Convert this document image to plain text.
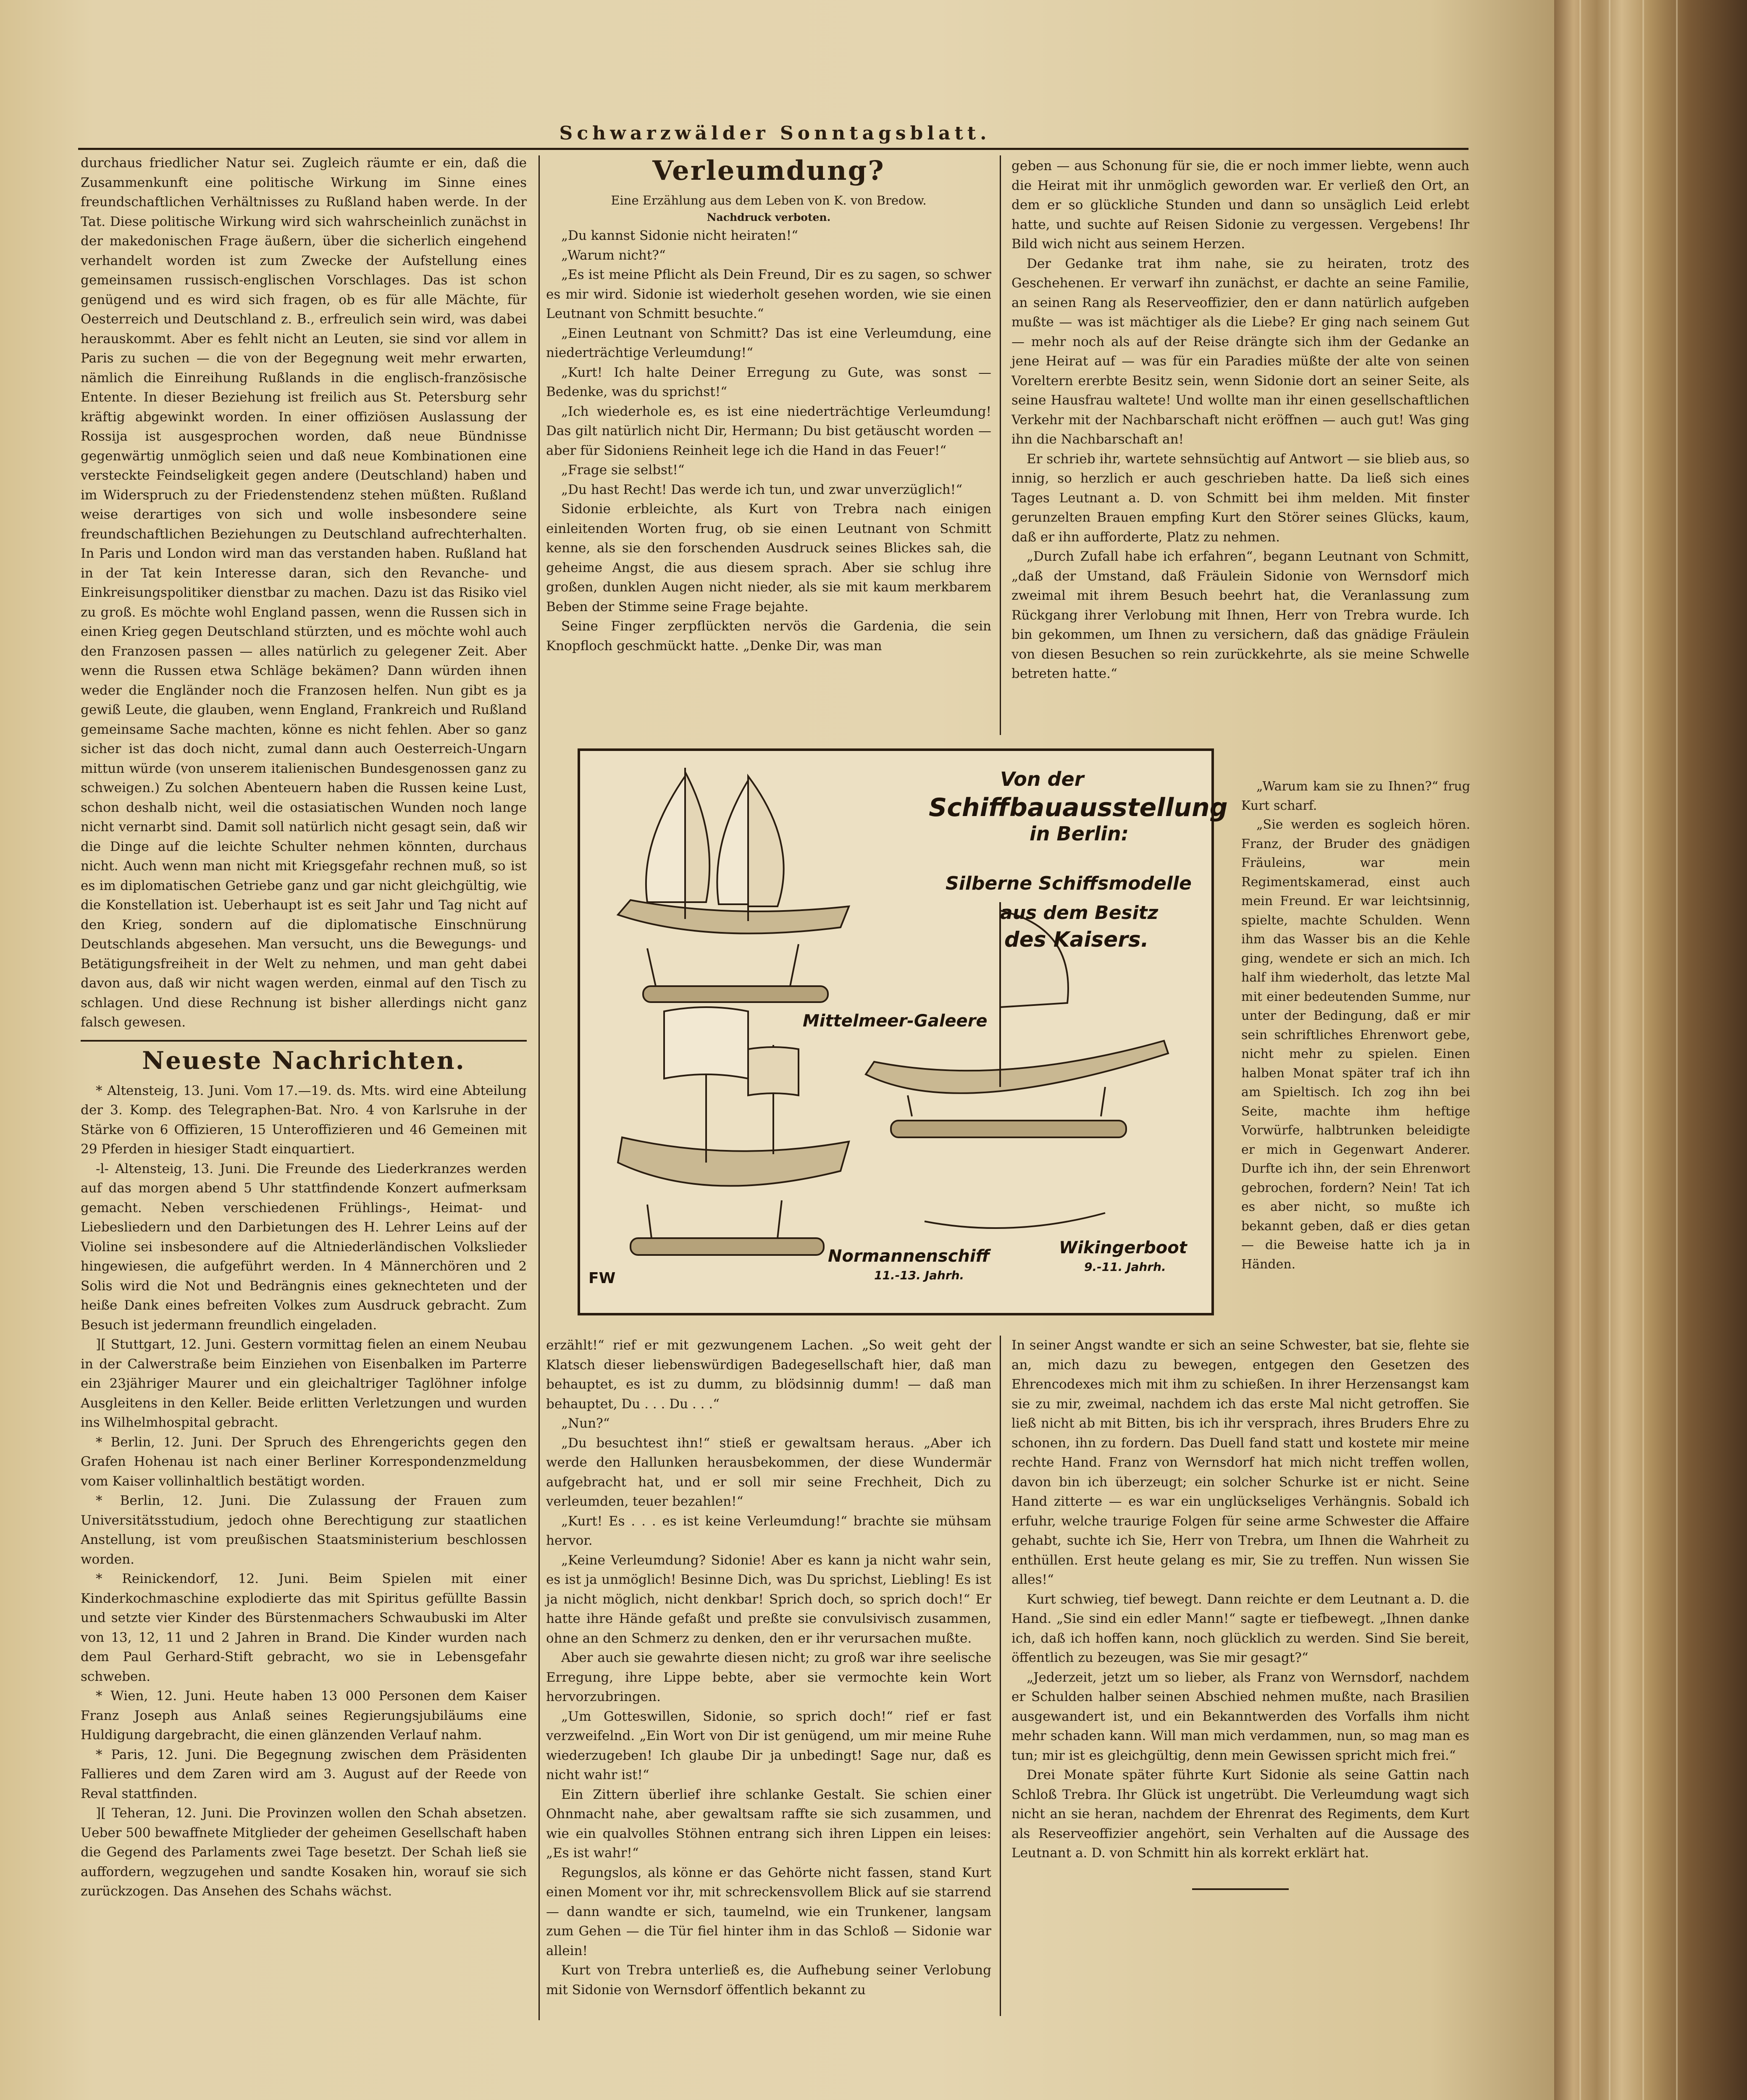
Schwarzwälder Sonntagsblatt.

durchaus friedlicher Natur sei. Zugleich räumte er ein, daß die Zusammenkunft eine politische Wirkung im Sinne eines freundschaftlichen Verhältnisses zu Rußland haben werde. In der Tat. Diese politische Wirkung wird sich wahrscheinlich zunächst in der makedonischen Frage äußern, über die sicherlich eingehend verhandelt worden ist zum Zwecke der Aufstellung eines gemeinsamen russisch-englischen Vorschlages. Das ist schon genügend und es wird sich fragen, ob es für alle Mächte, für Oesterreich und Deutschland z. B., erfreulich sein wird, was dabei herauskommt. Aber es fehlt nicht an Leuten, sie sind vor allem in Paris zu suchen — die von der Begegnung weit mehr erwarten, nämlich die Einreihung Rußlands in die englisch-französische Entente. In dieser Beziehung ist freilich aus St. Petersburg sehr kräftig abgewinkt worden. In einer offiziösen Auslassung der Rossija ist ausgesprochen worden, daß neue Bündnisse gegenwärtig unmöglich seien und daß neue Kombinationen eine versteckte Feindseligkeit gegen andere (Deutschland) haben und im Widerspruch zu der Friedenstendenz stehen müßten. Rußland weise derartiges von sich und wolle insbesondere seine freundschaftlichen Beziehungen zu Deutschland aufrechterhalten. In Paris und London wird man das verstanden haben. Rußland hat in der Tat kein Interesse daran, sich den Revanche- und Einkreisungspolitiker dienstbar zu machen. Dazu ist das Risiko viel zu groß. Es möchte wohl England passen, wenn die Russen sich in einen Krieg gegen Deutschland stürzten, und es möchte wohl auch den Franzosen passen — alles natürlich zu gelegener Zeit. Aber wenn die Russen etwa Schläge bekämen? Dann würden ihnen weder die Engländer noch die Franzosen helfen. Nun gibt es ja gewiß Leute, die glauben, wenn England, Frankreich und Rußland gemeinsame Sache machten, könne es nicht fehlen. Aber so ganz sicher ist das doch nicht, zumal dann auch Oesterreich-Ungarn mittun würde (von unserem italienischen Bundesgenossen ganz zu schweigen.) Zu solchen Abenteuern haben die Russen keine Lust, schon deshalb nicht, weil die ostasiatischen Wunden noch lange nicht vernarbt sind. Damit soll natürlich nicht gesagt sein, daß wir die Dinge auf die leichte Schulter nehmen könnten, durchaus nicht. Auch wenn man nicht mit Kriegsgefahr rechnen muß, so ist es im diplomatischen Getriebe ganz und gar nicht gleichgültig, wie die Konstellation ist. Ueberhaupt ist es seit Jahr und Tag nicht auf den Krieg, sondern auf die diplomatische Einschnürung Deutschlands abgesehen. Man versucht, uns die Bewegungs- und Betätigungsfreiheit in der Welt zu nehmen, und man geht dabei davon aus, daß wir nicht wagen werden, einmal auf den Tisch zu schlagen. Und diese Rechnung ist bisher allerdings nicht ganz falsch gewesen.

Neueste Nachrichten.

* Altensteig, 13. Juni. Vom 17.—19. ds. Mts. wird eine Abteilung der 3. Komp. des Telegraphen-Bat. Nro. 4 von Karlsruhe in der Stärke von 6 Offizieren, 15 Unteroffizieren und 46 Gemeinen mit 29 Pferden in hiesiger Stadt einquartiert.

-l- Altensteig, 13. Juni. Die Freunde des Liederkranzes werden auf das morgen abend 5 Uhr stattfindende Konzert aufmerksam gemacht. Neben verschiedenen Frühlings-, Heimat- und Liebesliedern und den Darbietungen des H. Lehrer Leins auf der Violine sei insbesondere auf die Altniederländischen Volkslieder hingewiesen, die aufgeführt werden. In 4 Männerchören und 2 Solis wird die Not und Bedrängnis eines geknechteten und der heiße Dank eines befreiten Volkes zum Ausdruck gebracht. Zum Besuch ist jedermann freundlich eingeladen.

][ Stuttgart, 12. Juni. Gestern vormittag fielen an einem Neubau in der Calwerstraße beim Einziehen von Eisenbalken im Parterre ein 23jähriger Maurer und ein gleichaltriger Taglöhner infolge Ausgleitens in den Keller. Beide erlitten Verletzungen und wurden ins Wilhelmhospital gebracht.

* Berlin, 12. Juni. Der Spruch des Ehrengerichts gegen den Grafen Hohenau ist nach einer Berliner Korrespondenzmeldung vom Kaiser vollinhaltlich bestätigt worden.

* Berlin, 12. Juni. Die Zulassung der Frauen zum Universitätsstudium, jedoch ohne Berechtigung zur staatlichen Anstellung, ist vom preußischen Staatsministerium beschlossen worden.

* Reinickendorf, 12. Juni. Beim Spielen mit einer Kinderkochmaschine explodierte das mit Spiritus gefüllte Bassin und setzte vier Kinder des Bürstenmachers Schwaubuski im Alter von 13, 12, 11 und 2 Jahren in Brand. Die Kinder wurden nach dem Paul Gerhard-Stift gebracht, wo sie in Lebensgefahr schweben.

* Wien, 12. Juni. Heute haben 13 000 Personen dem Kaiser Franz Joseph aus Anlaß seines Regierungsjubiläums eine Huldigung dargebracht, die einen glänzenden Verlauf nahm.

* Paris, 12. Juni. Die Begegnung zwischen dem Präsidenten Fallieres und dem Zaren wird am 3. August auf der Reede von Reval stattfinden.

][ Teheran, 12. Juni. Die Provinzen wollen den Schah absetzen. Ueber 500 bewaffnete Mitglieder der geheimen Gesellschaft haben die Gegend des Parlaments zwei Tage besetzt. Der Schah ließ sie auffordern, wegzugehen und sandte Kosaken hin, worauf sie sich zurückzogen. Das Ansehen des Schahs wächst.

Verleumdung?
Eine Erzählung aus dem Leben von K. von Bredow.
Nachdruck verboten.

„Du kannst Sidonie nicht heiraten!“

„Warum nicht?“

„Es ist meine Pflicht als Dein Freund, Dir es zu sagen, so schwer es mir wird. Sidonie ist wiederholt gesehen worden, wie sie einen Leutnant von Schmitt besuchte.“

„Einen Leutnant von Schmitt? Das ist eine Verleumdung, eine niederträchtige Verleumdung!“

„Kurt! Ich halte Deiner Erregung zu Gute, was sonst — Bedenke, was du sprichst!“

„Ich wiederhole es, es ist eine niederträchtige Verleumdung! Das gilt natürlich nicht Dir, Hermann; Du bist getäuscht worden — aber für Sidoniens Reinheit lege ich die Hand in das Feuer!“

„Frage sie selbst!“

„Du hast Recht! Das werde ich tun, und zwar unverzüglich!“

Sidonie erbleichte, als Kurt von Trebra nach einigen einleitenden Worten frug, ob sie einen Leutnant von Schmitt kenne, als sie den forschenden Ausdruck seines Blickes sah, die geheime Angst, die aus diesem sprach. Aber sie schlug ihre großen, dunklen Augen nicht nieder, als sie mit kaum merkbarem Beben der Stimme seine Frage bejahte.

Seine Finger zerpflückten nervös die Gardenia, die sein Knopfloch geschmückt hatte. „Denke Dir, was man

geben — aus Schonung für sie, die er noch immer liebte, wenn auch die Heirat mit ihr unmöglich geworden war. Er verließ den Ort, an dem er so glückliche Stunden und dann so unsäglich Leid erlebt hatte, und suchte auf Reisen Sidonie zu vergessen. Vergebens! Ihr Bild wich nicht aus seinem Herzen.

Der Gedanke trat ihm nahe, sie zu heiraten, trotz des Geschehenen. Er verwarf ihn zunächst, er dachte an seine Familie, an seinen Rang als Reserveoffizier, den er dann natürlich aufgeben mußte — was ist mächtiger als die Liebe? Er ging nach seinem Gut — mehr noch als auf der Reise drängte sich ihm der Gedanke an jene Heirat auf — was für ein Paradies müßte der alte von seinen Voreltern ererbte Besitz sein, wenn Sidonie dort an seiner Seite, als seine Hausfrau waltete! Und wollte man ihr einen gesellschaftlichen Verkehr mit der Nachbarschaft nicht eröffnen — auch gut! Was ging ihn die Nachbarschaft an!

Er schrieb ihr, wartete sehnsüchtig auf Antwort — sie blieb aus, so innig, so herzlich er auch geschrieben hatte. Da ließ sich eines Tages Leutnant a. D. von Schmitt bei ihm melden. Mit finster gerunzelten Brauen empfing Kurt den Störer seines Glücks, kaum, daß er ihn aufforderte, Platz zu nehmen.

„Durch Zufall habe ich erfahren“, begann Leutnant von Schmitt, „daß der Umstand, daß Fräulein Sidonie von Wernsdorf mich zweimal mit ihrem Besuch beehrt hat, die Veranlassung zum Rückgang ihrer Verlobung mit Ihnen, Herr von Trebra wurde. Ich bin gekommen, um Ihnen zu versichern, daß das gnädige Fräulein von diesen Besuchen so rein zurückkehrte, als sie meine Schwelle betreten hatte.“

„Warum kam sie zu Ihnen?“ frug Kurt scharf.

„Sie werden es sogleich hören. Franz, der Bruder des gnädigen Fräuleins, war mein Regimentskamerad, einst auch mein Freund. Er war leichtsinnig, spielte, machte Schulden. Wenn ihm das Wasser bis an die Kehle ging, wendete er sich an mich. Ich half ihm wiederholt, das letzte Mal mit einer bedeutenden Summe, nur unter der Bedingung, daß er mir sein schriftliches Ehrenwort gebe, nicht mehr zu spielen. Einen halben Monat später traf ich ihn am Spieltisch. Ich zog ihn bei Seite, machte ihm heftige Vorwürfe, halbtrunken beleidigte er mich in Gegenwart Anderer. Durfte ich ihn, der sein Ehrenwort gebrochen, fordern? Nein! Tat ich es aber nicht, so mußte ich bekannt geben, daß er dies getan — die Beweise hatte ich ja in Händen.

Von der
Schiffbauausstellung
in Berlin:
Silberne Schiffsmodelle
aus dem Besitz
des Kaisers.
Mittelmeer-Galeere
Normannenschiff
11.-13. Jahrh.
Wikingerboot
9.-11. Jahrh.
FW

erzählt!“ rief er mit gezwungenem Lachen. „So weit geht der Klatsch dieser liebenswürdigen Badegesellschaft hier, daß man behauptet, es ist zu dumm, zu blödsinnig dumm! — daß man behauptet, Du . . . Du . . .“

„Nun?“

„Du besuchtest ihn!“ stieß er gewaltsam heraus. „Aber ich werde den Hallunken herausbekommen, der diese Wundermär aufgebracht hat, und er soll mir seine Frechheit, Dich zu verleumden, teuer bezahlen!“

„Kurt! Es . . . es ist keine Verleumdung!“ brachte sie mühsam hervor.

„Keine Verleumdung? Sidonie! Aber es kann ja nicht wahr sein, es ist ja unmöglich! Besinne Dich, was Du sprichst, Liebling! Es ist ja nicht möglich, nicht denkbar! Sprich doch, so sprich doch!“ Er hatte ihre Hände gefaßt und preßte sie convulsivisch zusammen, ohne an den Schmerz zu denken, den er ihr verursachen mußte.

Aber auch sie gewahrte diesen nicht; zu groß war ihre seelische Erregung, ihre Lippe bebte, aber sie vermochte kein Wort hervorzubringen.

„Um Gotteswillen, Sidonie, so sprich doch!“ rief er fast verzweifelnd. „Ein Wort von Dir ist genügend, um mir meine Ruhe wiederzugeben! Ich glaube Dir ja unbedingt! Sage nur, daß es nicht wahr ist!“

Ein Zittern überlief ihre schlanke Gestalt. Sie schien einer Ohnmacht nahe, aber gewaltsam raffte sie sich zusammen, und wie ein qualvolles Stöhnen entrang sich ihren Lippen ein leises: „Es ist wahr!“

Regungslos, als könne er das Gehörte nicht fassen, stand Kurt einen Moment vor ihr, mit schreckensvollem Blick auf sie starrend — dann wandte er sich, taumelnd, wie ein Trunkener, langsam zum Gehen — die Tür fiel hinter ihm in das Schloß — Sidonie war allein!

Kurt von Trebra unterließ es, die Aufhebung seiner Verlobung mit Sidonie von Wernsdorf öffentlich bekannt zu

In seiner Angst wandte er sich an seine Schwester, bat sie, flehte sie an, mich dazu zu bewegen, entgegen den Gesetzen des Ehrencodexes mich mit ihm zu schießen. In ihrer Herzensangst kam sie zu mir, zweimal, nachdem ich das erste Mal nicht getroffen. Sie ließ nicht ab mit Bitten, bis ich ihr versprach, ihres Bruders Ehre zu schonen, ihn zu fordern. Das Duell fand statt und kostete mir meine rechte Hand. Franz von Wernsdorf hat mich nicht treffen wollen, davon bin ich überzeugt; ein solcher Schurke ist er nicht. Seine Hand zitterte — es war ein unglückseliges Verhängnis. Sobald ich erfuhr, welche traurige Folgen für seine arme Schwester die Affaire gehabt, suchte ich Sie, Herr von Trebra, um Ihnen die Wahrheit zu enthüllen. Erst heute gelang es mir, Sie zu treffen. Nun wissen Sie alles!“

Kurt schwieg, tief bewegt. Dann reichte er dem Leutnant a. D. die Hand. „Sie sind ein edler Mann!“ sagte er tiefbewegt. „Ihnen danke ich, daß ich hoffen kann, noch glücklich zu werden. Sind Sie bereit, öffentlich zu bezeugen, was Sie mir gesagt?“

„Jederzeit, jetzt um so lieber, als Franz von Wernsdorf, nachdem er Schulden halber seinen Abschied nehmen mußte, nach Brasilien ausgewandert ist, und ein Bekanntwerden des Vorfalls ihm nicht mehr schaden kann. Will man mich verdammen, nun, so mag man es tun; mir ist es gleichgültig, denn mein Gewissen spricht mich frei.“

Drei Monate später führte Kurt Sidonie als seine Gattin nach Schloß Trebra. Ihr Glück ist ungetrübt. Die Verleumdung wagt sich nicht an sie heran, nachdem der Ehrenrat des Regiments, dem Kurt als Reserveoffizier angehört, sein Verhalten auf die Aussage des Leutnant a. D. von Schmitt hin als korrekt erklärt hat.
